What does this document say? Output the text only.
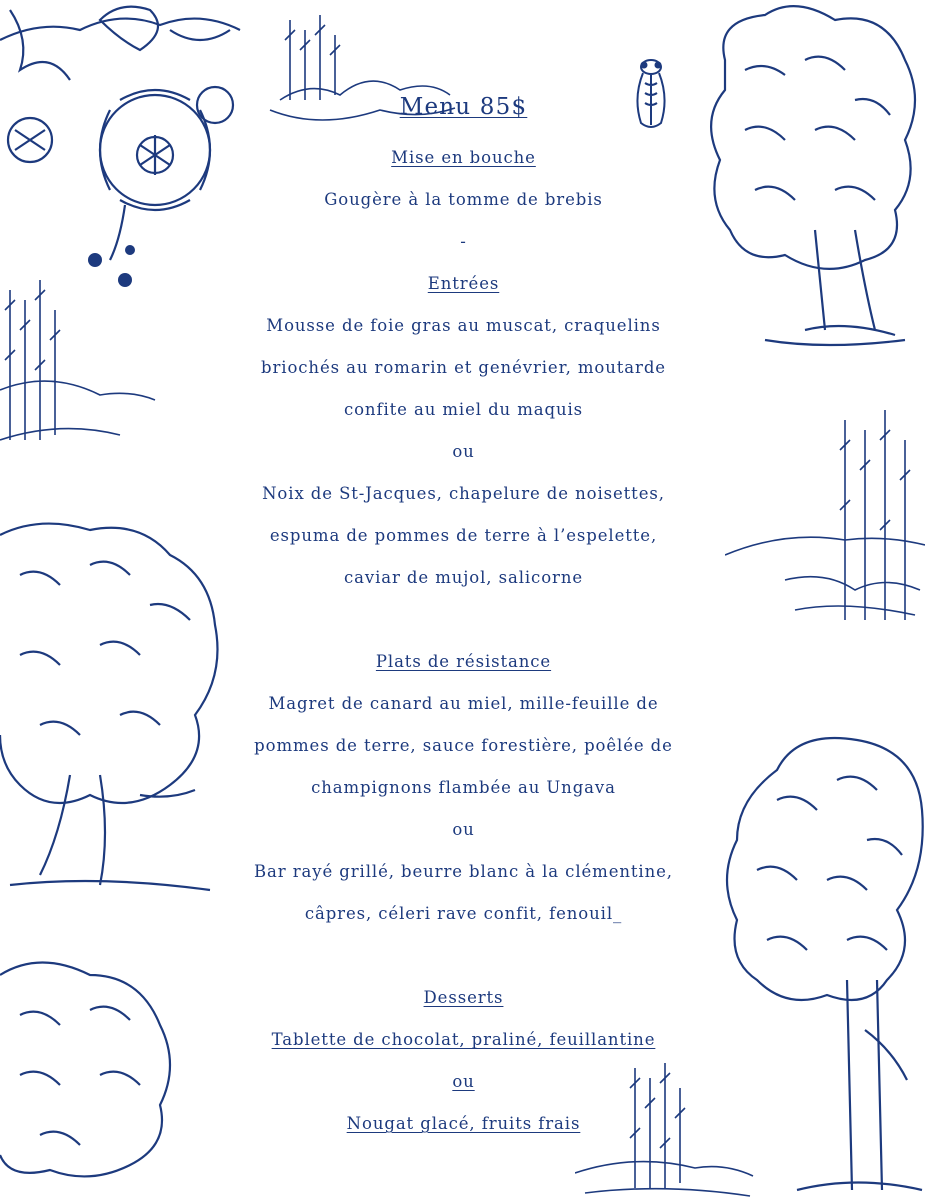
Menu 85$
Mise en bouche
Gougère à la tomme de brebis
-
Entrées
Mousse de foie gras au muscat, craquelins
briochés au romarin et genévrier, moutarde
confite au miel du maquis
ou
Noix de St-Jacques, chapelure de noisettes,
espuma de pommes de terre à l’espelette,
caviar de mujol, salicorne
Plats de résistance
Magret de canard au miel, mille-feuille de
pommes de terre, sauce forestière, poêlée de
champignons flambée au Ungava
ou
Bar rayé grillé, beurre blanc à la clémentine,
câpres, céleri rave confit, fenouil_
Desserts
Tablette de chocolat, praliné, feuillantine
ou
Nougat glacé, fruits frais
